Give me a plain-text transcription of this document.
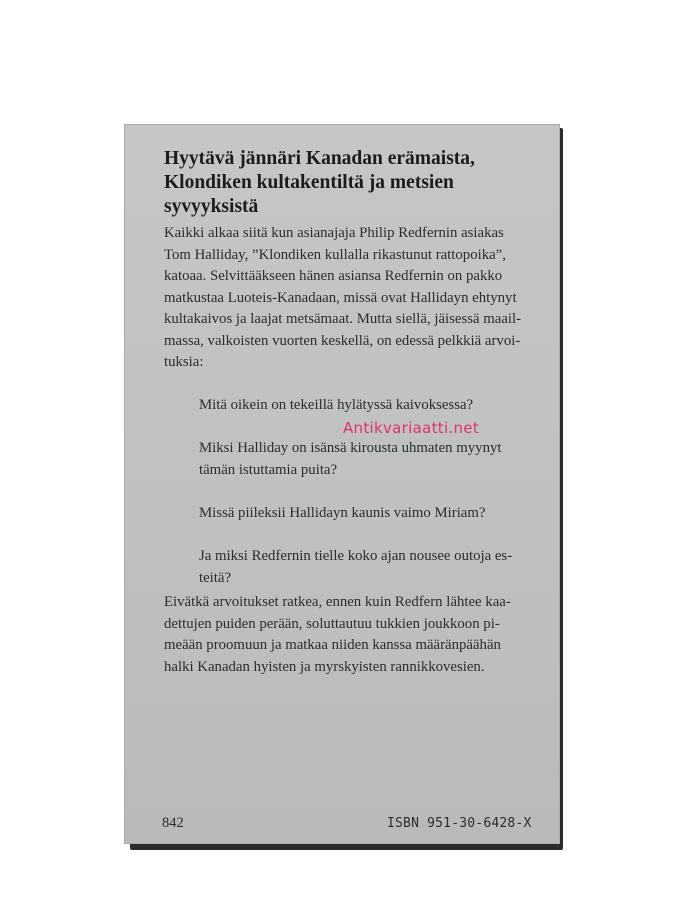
Hyytävä jännäri Kanadan erämaista,
Klondiken kultakentiltä ja metsien
syvyyksistä

Kaikki alkaa siitä kun asianajaja Philip Redfernin asiakas
Tom Halliday, ”Klondiken kullalla rikastunut rattopoika”,
katoaa. Selvittääkseen hänen asiansa Redfernin on pakko
matkustaa Luoteis-Kanadaan, missä ovat Hallidayn ehtynyt
kultakaivos ja laajat metsämaat. Mutta siellä, jäisessä maail-
massa, valkoisten vuorten keskellä, on edessä pelkkiä arvoi-
tuksia:

Mitä oikein on tekeillä hylätyssä kaivoksessa?

Miksi Halliday on isänsä kirousta uhmaten myynyt

tämän istuttamia puita?

Missä piileksii Hallidayn kaunis vaimo Miriam?

Ja miksi Redfernin tielle koko ajan nousee outoja es-
teitä?

Eivätkä arvoitukset ratkea, ennen kuin Redfern lähtee kaa-
dettujen puiden perään, soluttautuu tukkien joukkoon pi-
meään proomuun ja matkaa niiden kanssa määränpäähän
halki Kanadan hyisten ja myrskyisten rannikkovesien.

842	ISBN 951-30-6428-X
Antikvariaatti.net
